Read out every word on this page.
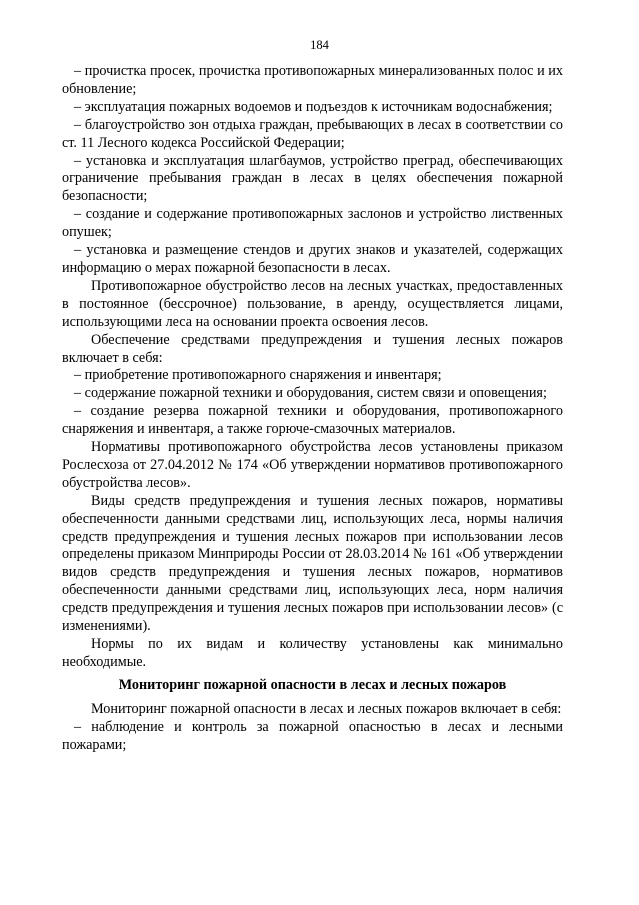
184

– прочистка просек, прочистка противопожарных минерализованных полос и их обновление;

– эксплуатация пожарных водоемов и подъездов к источникам водоснабжения;

– благоустройство зон отдыха граждан, пребывающих в лесах в соответствии со ст. 11 Лесного кодекса Российской Федерации;

– установка и эксплуатация шлагбаумов, устройство преград, обеспечивающих ограничение пребывания граждан в лесах в целях обеспечения пожарной безопасности;

– создание и содержание противопожарных заслонов и устройство лиственных опушек;

– установка и размещение стендов и других знаков и указателей, содержащих информацию о мерах пожарной безопасности в лесах.

Противопожарное обустройство лесов на лесных участках, предоставленных в постоянное (бессрочное) пользование, в аренду, осуществляется лицами, использующими леса на основании проекта освоения лесов.

Обеспечение средствами предупреждения и тушения лесных пожаров включает в себя:

– приобретение противопожарного снаряжения и инвентаря;

– содержание пожарной техники и оборудования, систем связи и оповещения;

– создание резерва пожарной техники и оборудования, противопожарного снаряжения и инвентаря, а также горюче-смазочных материалов.

Нормативы противопожарного обустройства лесов установлены приказом Рослесхоза от 27.04.2012 № 174 «Об утверждении нормативов противопожарного обустройства лесов».

Виды средств предупреждения и тушения лесных пожаров, нормативы обеспеченности данными средствами лиц, использующих леса, нормы наличия средств предупреждения и тушения лесных пожаров при использовании лесов определены приказом Минприроды России от 28.03.2014 № 161 «Об утверждении видов средств предупреждения и тушения лесных пожаров, нормативов обеспеченности данными средствами лиц, использующих леса, норм наличия средств предупреждения и тушения лесных пожаров при использовании лесов» (с изменениями).

Нормы по их видам и количеству установлены как минимально необходимые.

Мониторинг пожарной опасности в лесах и лесных пожаров

Мониторинг пожарной опасности в лесах и лесных пожаров включает в себя:

– наблюдение и контроль за пожарной опасностью в лесах и лесными пожарами;
